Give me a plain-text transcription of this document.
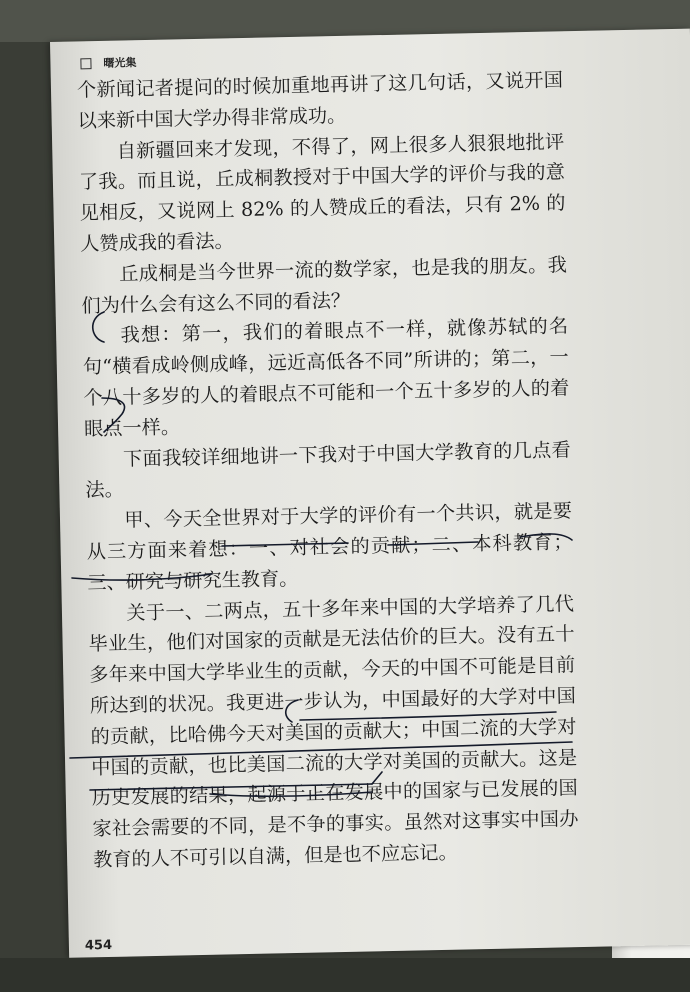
曙光集

个新闻记者提问的时候加重地再讲了这几句话，又说开国以来新中国大学办得非常成功。

自新疆回来才发现，不得了，网上很多人狠狠地批评了我。而且说，丘成桐教授对于中国大学的评价与我的意见相反，又说网上 82% 的人赞成丘的看法，只有 2% 的人赞成我的看法。

丘成桐是当今世界一流的数学家，也是我的朋友。我们为什么会有这么不同的看法？

我想：第一，我们的着眼点不一样，就像苏轼的名句“横看成岭侧成峰，远近高低各不同”所讲的；第二，一个八十多岁的人的着眼点不可能和一个五十多岁的人的着眼点一样。

下面我较详细地讲一下我对于中国大学教育的几点看法。

甲、今天全世界对于大学的评价有一个共识，就是要从三方面来着想：一、对社会的贡献；二、本科教育；三、研究与研究生教育。

关于一、二两点，五十多年来中国的大学培养了几代毕业生，他们对国家的贡献是无法估价的巨大。没有五十多年来中国大学毕业生的贡献，今天的中国不可能是目前所达到的状况。我更进一步认为，中国最好的大学对中国的贡献，比哈佛今天对美国的贡献大；中国二流的大学对中国的贡献，也比美国二流的大学对美国的贡献大。这是历史发展的结果，起源于正在发展中的国家与已发展的国家社会需要的不同，是不争的事实。虽然对这事实中国办教育的人不可引以自满，但是也不应忘记。

454
